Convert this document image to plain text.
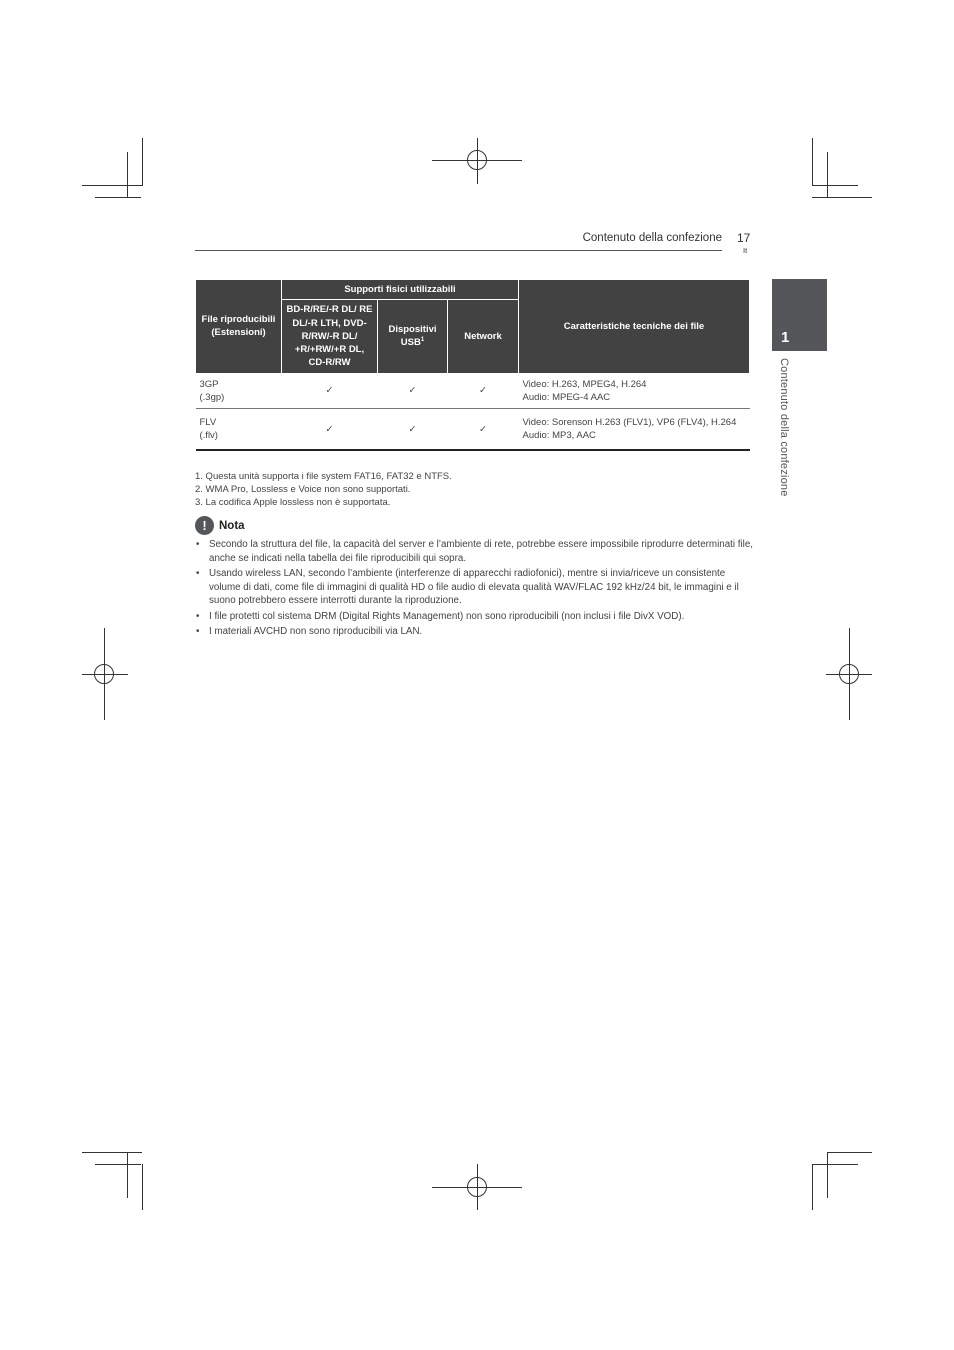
Contenuto della confezione 17
It
1
Contenuto della confezione
File riproducibili (Estensioni)	Supporti fisici utilizzabili			Caratteristiche tecniche dei file
	BD-R/RE/-R DL/ RE DL/-R LTH, DVD-R/RW/-R DL/ +R/+RW/+R DL, CD-R/RW	Dispositivi USB$^1$	Network	
3GP
(.3gp)	✓	✓	✓	Video: H.263, MPEG4, H.264
Audio: MPEG-4 AAC
FLV
(.flv)	✓	✓	✓	Video: Sorenson H.263 (FLV1), VP6 (FLV4), H.264
Audio: MP3, AAC
1. Questa unità supporta i file system FAT16, FAT32 e NTFS.
2. WMA Pro, Lossless e Voice non sono supportati.
3. La codifica Apple lossless non è supportata.
!	Nota
• Secondo la struttura del file, la capacità del server e l’ambiente di rete, potrebbe essere impossibile riprodurre determinati file, anche se indicati nella tabella dei file riproducibili qui sopra.
• Usando wireless LAN, secondo l’ambiente (interferenze di apparecchi radiofonici), mentre si invia/riceve un consistente volume di dati, come file di immagini di qualità HD o file audio di elevata qualità WAV/FLAC 192 kHz/24 bit, le immagini e il suono potrebbero essere interrotti durante la riproduzione.
• I file protetti col sistema DRM (Digital Rights Management) non sono riproducibili (non inclusi i file DivX VOD).
• I materiali AVCHD non sono riproducibili via LAN.
